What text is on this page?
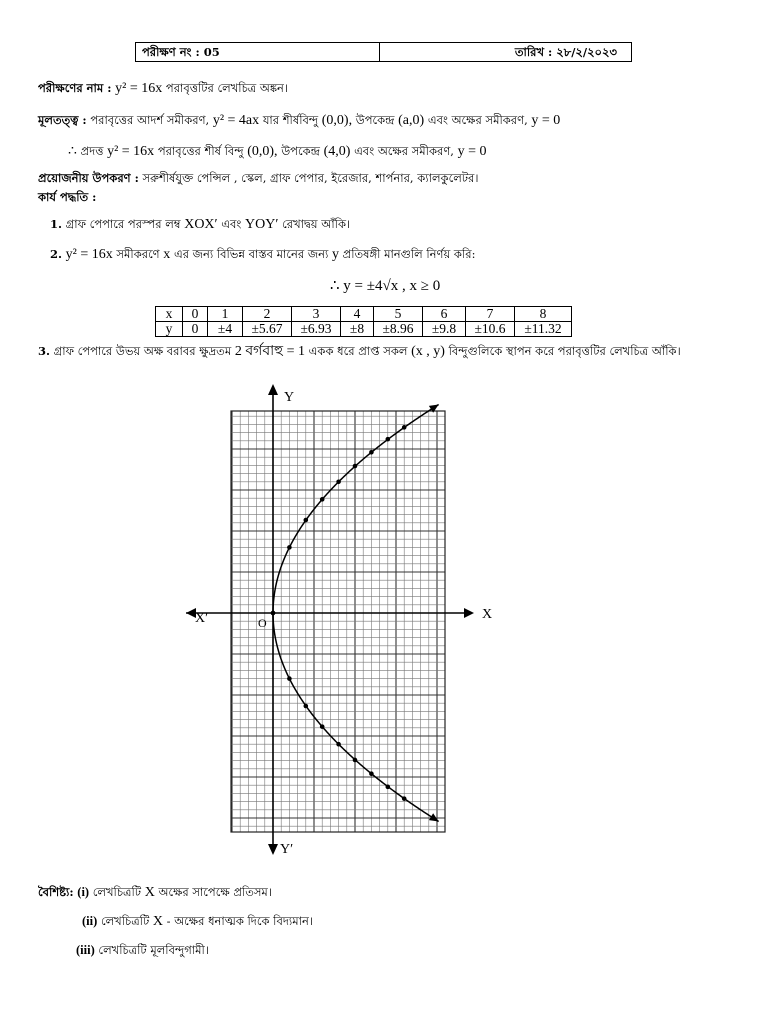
পরীক্ষণ নং : 05	তারিখ : ২৮/২/২০২৩
পরীক্ষণের নাম : y² = 16x পরাবৃত্তটির লেখচিত্র অঙ্কন।
মূলতত্ত্ব : পরাবৃত্তের আদর্শ সমীকরণ, y² = 4ax যার শীর্ষবিন্দু (0,0), উপকেন্দ্র (a,0) এবং অক্ষের সমীকরণ, y = 0
∴ প্রদত্ত y² = 16x পরাবৃত্তের শীর্ষ বিন্দু (0,0), উপকেন্দ্র (4,0) এবং অক্ষের সমীকরণ, y = 0
প্রয়োজনীয় উপকরণ : সরুশীর্ষযুক্ত পেন্সিল , স্কেল, গ্রাফ পেপার, ইরেজার, শার্পনার, ক্যালকুলেটর।
কার্য পদ্ধতি :
1. গ্রাফ পেপারে পরস্পর লম্ব XOX′ এবং YOY′ রেখাদ্বয় আঁকি।
2. y² = 16x সমীকরণে x এর জন্য বিভিন্ন বাস্তব মানের জন্য y প্রতিষঙ্গী মানগুলি নির্ণয় করি:
∴ y = ±4√x , x ≥ 0
x	0	1	2	3	4	5	6	7	8
y	0	±4	±5.67	±6.93	±8	±8.96	±9.8	±10.6	±11.32
3. গ্রাফ পেপারে উভয় অক্ষ বরাবর ক্ষুদ্রতম 2 বর্গবাহু = 1 একক ধরে প্রাপ্ত সকল (x , y) বিন্দুগুলিকে স্থাপন করে পরাবৃত্তটির লেখচিত্র আঁকি।
X
X′
Y
Y′
O
বৈশিষ্ট্য: (i) লেখচিত্রটি X অক্ষের সাপেক্ষে প্রতিসম।
(ii) লেখচিত্রটি X - অক্ষের ধনাত্মক দিকে বিদ্যমান।
(iii) লেখচিত্রটি মূলবিন্দুগামী।
